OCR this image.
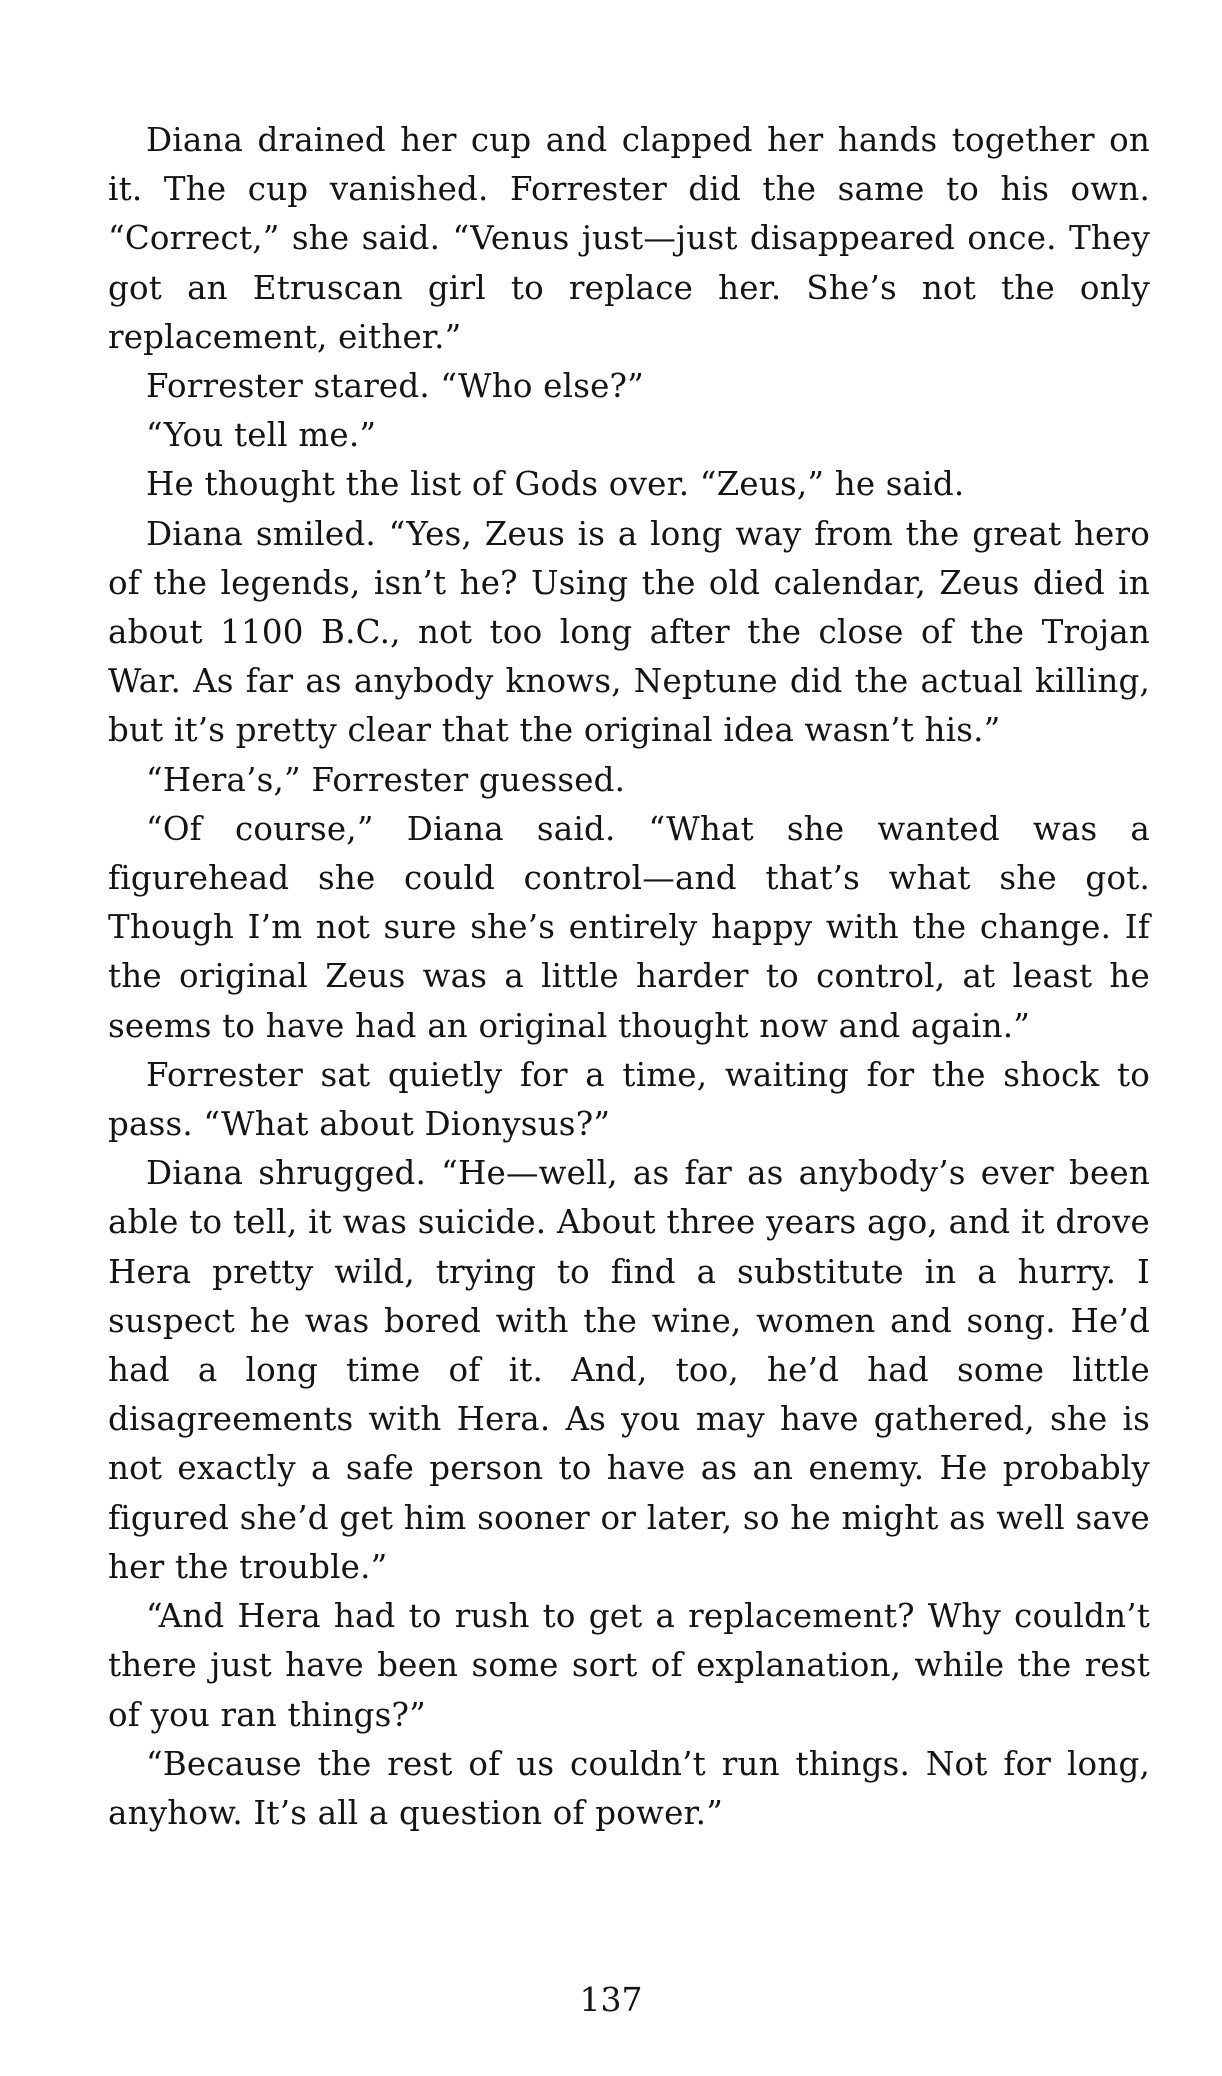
Diana drained her cup and clapped her hands together on it. The cup vanished. Forrester did the same to his own. “Correct,” she said. “Venus just—just disappeared once. They got an Etruscan girl to replace her. She’s not the only replacement, either.”

Forrester stared. “Who else?”

“You tell me.”

He thought the list of Gods over. “Zeus,” he said.

Diana smiled. “Yes, Zeus is a long way from the great hero of the legends, isn’t he? Using the old calendar, Zeus died in about 1100 B.C., not too long after the close of the Trojan War. As far as anybody knows, Neptune did the actual killing, but it’s pretty clear that the original idea wasn’t his.”

“Hera’s,” Forrester guessed.

“Of course,” Diana said. “What she wanted was a figurehead she could control—and that’s what she got. Though I’m not sure she’s entirely happy with the change. If the original Zeus was a little harder to control, at least he seems to have had an original thought now and again.”

Forrester sat quietly for a time, waiting for the shock to pass. “What about Dionysus?”

Diana shrugged. “He—well, as far as anybody’s ever been able to tell, it was suicide. About three years ago, and it drove Hera pretty wild, trying to find a substitute in a hurry. I suspect he was bored with the wine, women and song. He’d had a long time of it. And, too, he’d had some little disagreements with Hera. As you may have gathered, she is not exactly a safe person to have as an enemy. He probably figured she’d get him sooner or later, so he might as well save her the trouble.”

“And Hera had to rush to get a replacement? Why couldn’t there just have been some sort of explanation, while the rest of you ran things?”

“Because the rest of us couldn’t run things. Not for long, anyhow. It’s all a question of power.”

137
